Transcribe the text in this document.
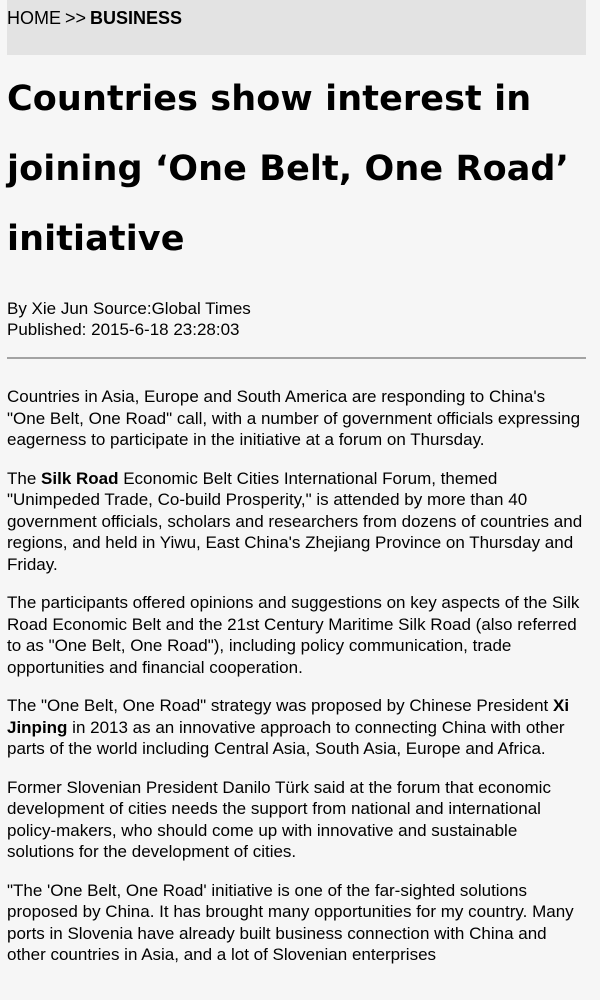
HOME >> BUSINESS
Countries show interest in joining ‘One Belt, One Road’ initiative
By Xie Jun Source:Global Times
Published: 2015-6-18 23:28:03

Countries in Asia, Europe and South America are responding to China's "One Belt, One Road" call, with a number of government officials expressing eagerness to participate in the initiative at a forum on Thursday.

The Silk Road Economic Belt Cities International Forum, themed "Unimpeded Trade, Co-build Prosperity," is attended by more than 40 government officials, scholars and researchers from dozens of countries and regions, and held in Yiwu, East China's Zhejiang Province on Thursday and Friday.

The participants offered opinions and suggestions on key aspects of the Silk Road Economic Belt and the 21st Century Maritime Silk Road (also referred to as "One Belt, One Road"), including policy communication, trade opportunities and financial cooperation.

The "One Belt, One Road" strategy was proposed by Chinese President Xi Jinping in 2013 as an innovative approach to connecting China with other parts of the world including Central Asia, South Asia, Europe and Africa.

Former Slovenian President Danilo Türk said at the forum that economic development of cities needs the support from national and international policy-makers, who should come up with innovative and sustainable solutions for the development of cities.

"The 'One Belt, One Road' initiative is one of the far-sighted solutions proposed by China. It has brought many opportunities for my country. Many ports in Slovenia have already built business connection with China and other countries in Asia, and a lot of Slovenian enterprises
